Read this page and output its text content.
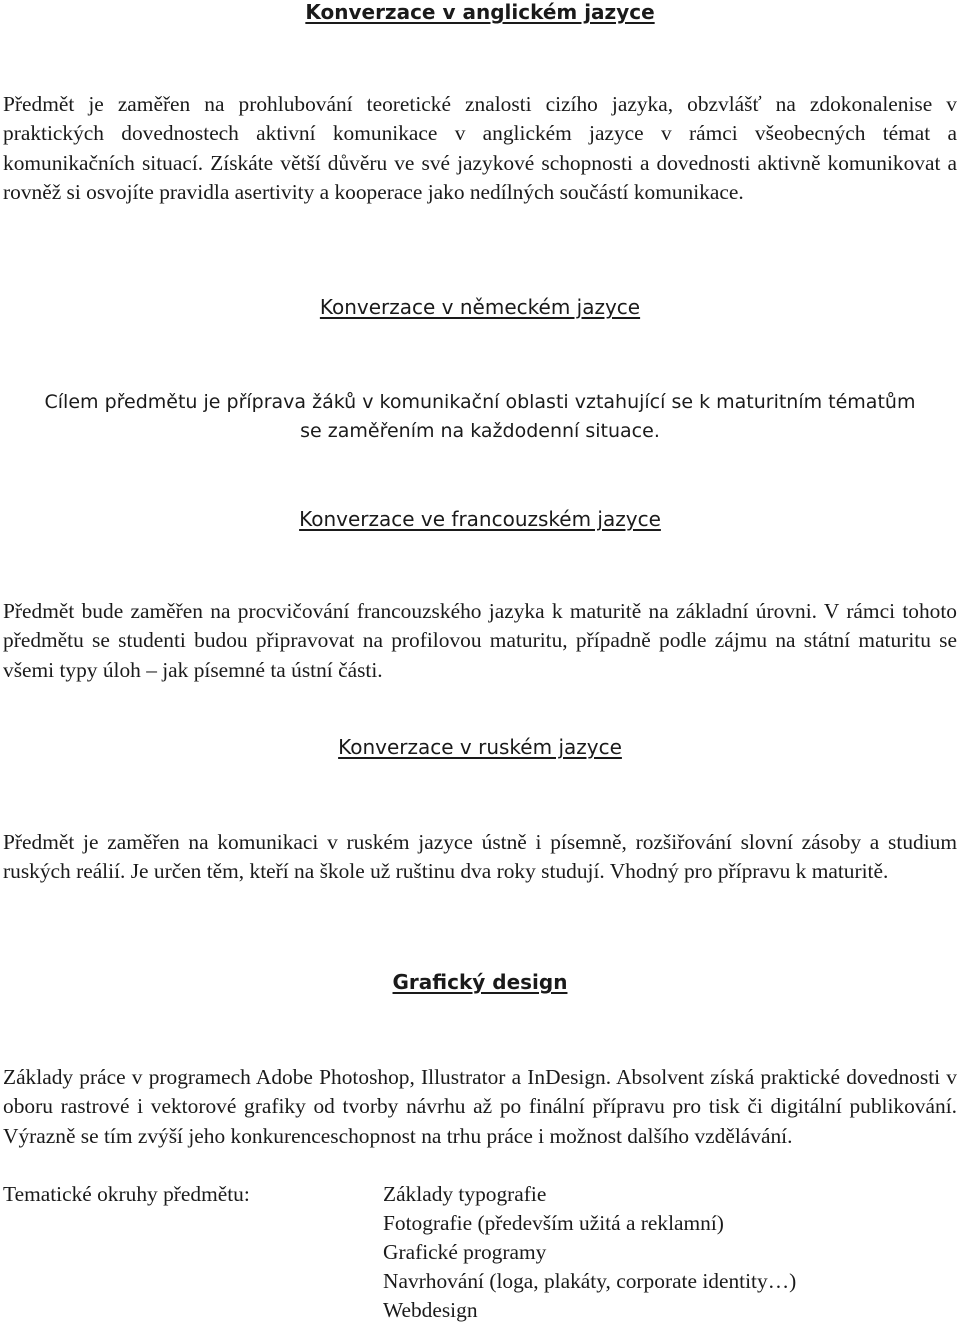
Konverzace v anglickém jazyce

Předmět je zaměřen na prohlubování teoretické znalosti cizího jazyka, obzvlášť na zdokonalenise v praktických dovednostech aktivní komunikace v anglickém jazyce v rámci všeobecných témat a komunikačních situací. Získáte větší důvěru ve své jazykové schopnosti a dovednosti aktivně komunikovat a rovněž si osvojíte pravidla asertivity a kooperace jako nedílných součástí komunikace.

Konverzace v německém jazyce

Cílem předmětu je příprava žáků v komunikační oblasti vztahující se k maturitním tématům se zaměřením na každodenní situace.

Konverzace ve francouzském jazyce

Předmět bude zaměřen na procvičování francouzského jazyka k maturitě na základní úrovni. V rámci tohoto předmětu se studenti budou připravovat na profilovou maturitu, případně podle zájmu na státní maturitu se všemi typy úloh – jak písemné ta ústní části.

Konverzace v ruském jazyce

Předmět je zaměřen na komunikaci v ruském jazyce ústně i písemně, rozšiřování slovní zásoby a studium ruských reálií. Je určen těm, kteří na škole už ruštinu dva roky studují. Vhodný pro přípravu k maturitě.

Grafický design

Základy práce v programech Adobe Photoshop, Illustrator a InDesign. Absolvent získá praktické dovednosti v oboru rastrové i vektorové grafiky od tvorby návrhu až po finální přípravu pro tisk či digitální publikování. Výrazně se tím zvýší jeho konkurenceschopnost na trhu práce i možnost dalšího vzdělávání.

Tematické okruhy předmětu:	Základy typografie
Fotografie (především užitá a reklamní)
Grafické programy
Navrhování (loga, plakáty, corporate identity…)
Webdesign
